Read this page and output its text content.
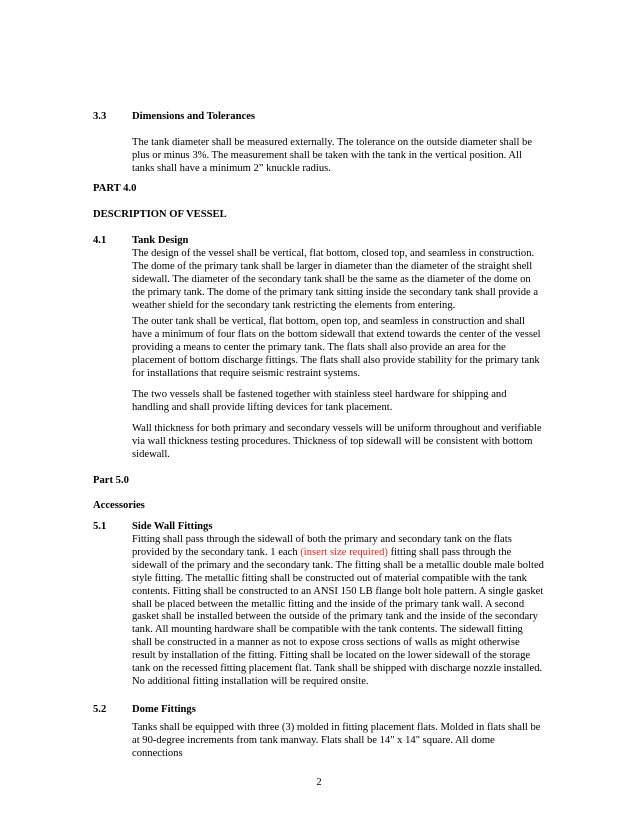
3.3 Dimensions and Tolerances

The tank diameter shall be measured externally. The tolerance on the outside diameter shall be plus or minus 3%. The measurement shall be taken with the tank in the vertical position. All tanks shall have a minimum 2” knuckle radius.

PART 4.0
DESCRIPTION OF VESSEL
4.1 Tank Design

The design of the vessel shall be vertical, flat bottom, closed top, and seamless in construction. The dome of the primary tank shall be larger in diameter than the diameter of the straight shell sidewall. The diameter of the secondary tank shall be the same as the diameter of the dome on the primary tank. The dome of the primary tank sitting inside the secondary tank shall provide a weather shield for the secondary tank restricting the elements from entering.

The outer tank shall be vertical, flat bottom, open top, and seamless in construction and shall have a minimum of four flats on the bottom sidewall that extend towards the center of the vessel providing a means to center the primary tank. The flats shall also provide an area for the placement of bottom discharge fittings. The flats shall also provide stability for the primary tank for installations that require seismic restraint systems.

The two vessels shall be fastened together with stainless steel hardware for shipping and handling and shall provide lifting devices for tank placement.

Wall thickness for both primary and secondary vessels will be uniform throughout and verifiable via wall thickness testing procedures. Thickness of top sidewall will be consistent with bottom sidewall.

Part 5.0
Accessories
5.1 Side Wall Fittings

Fitting shall pass through the sidewall of both the primary and secondary tank on the flats provided by the secondary tank. 1 each (insert size required) fitting shall pass through the sidewall of the primary and the secondary tank. The fitting shall be a metallic double male bolted style fitting. The metallic fitting shall be constructed out of material compatible with the tank contents. Fitting shall be constructed to an ANSI 150 LB flange bolt hole pattern. A single gasket shall be placed between the metallic fitting and the inside of the primary tank wall. A second gasket shall be installed between the outside of the primary tank and the inside of the secondary tank. All mounting hardware shall be compatible with the tank contents. The sidewall fitting shall be constructed in a manner as not to expose cross sections of walls as might otherwise result by installation of the fitting. Fitting shall be located on the lower sidewall of the storage tank on the recessed fitting placement flat. Tank shall be shipped with discharge nozzle installed. No additional fitting installation will be required onsite.

5.2 Dome Fittings

Tanks shall be equipped with three (3) molded in fitting placement flats. Molded in flats shall be at 90-degree increments from tank manway. Flats shall be 14" x 14" square. All dome connections

2
